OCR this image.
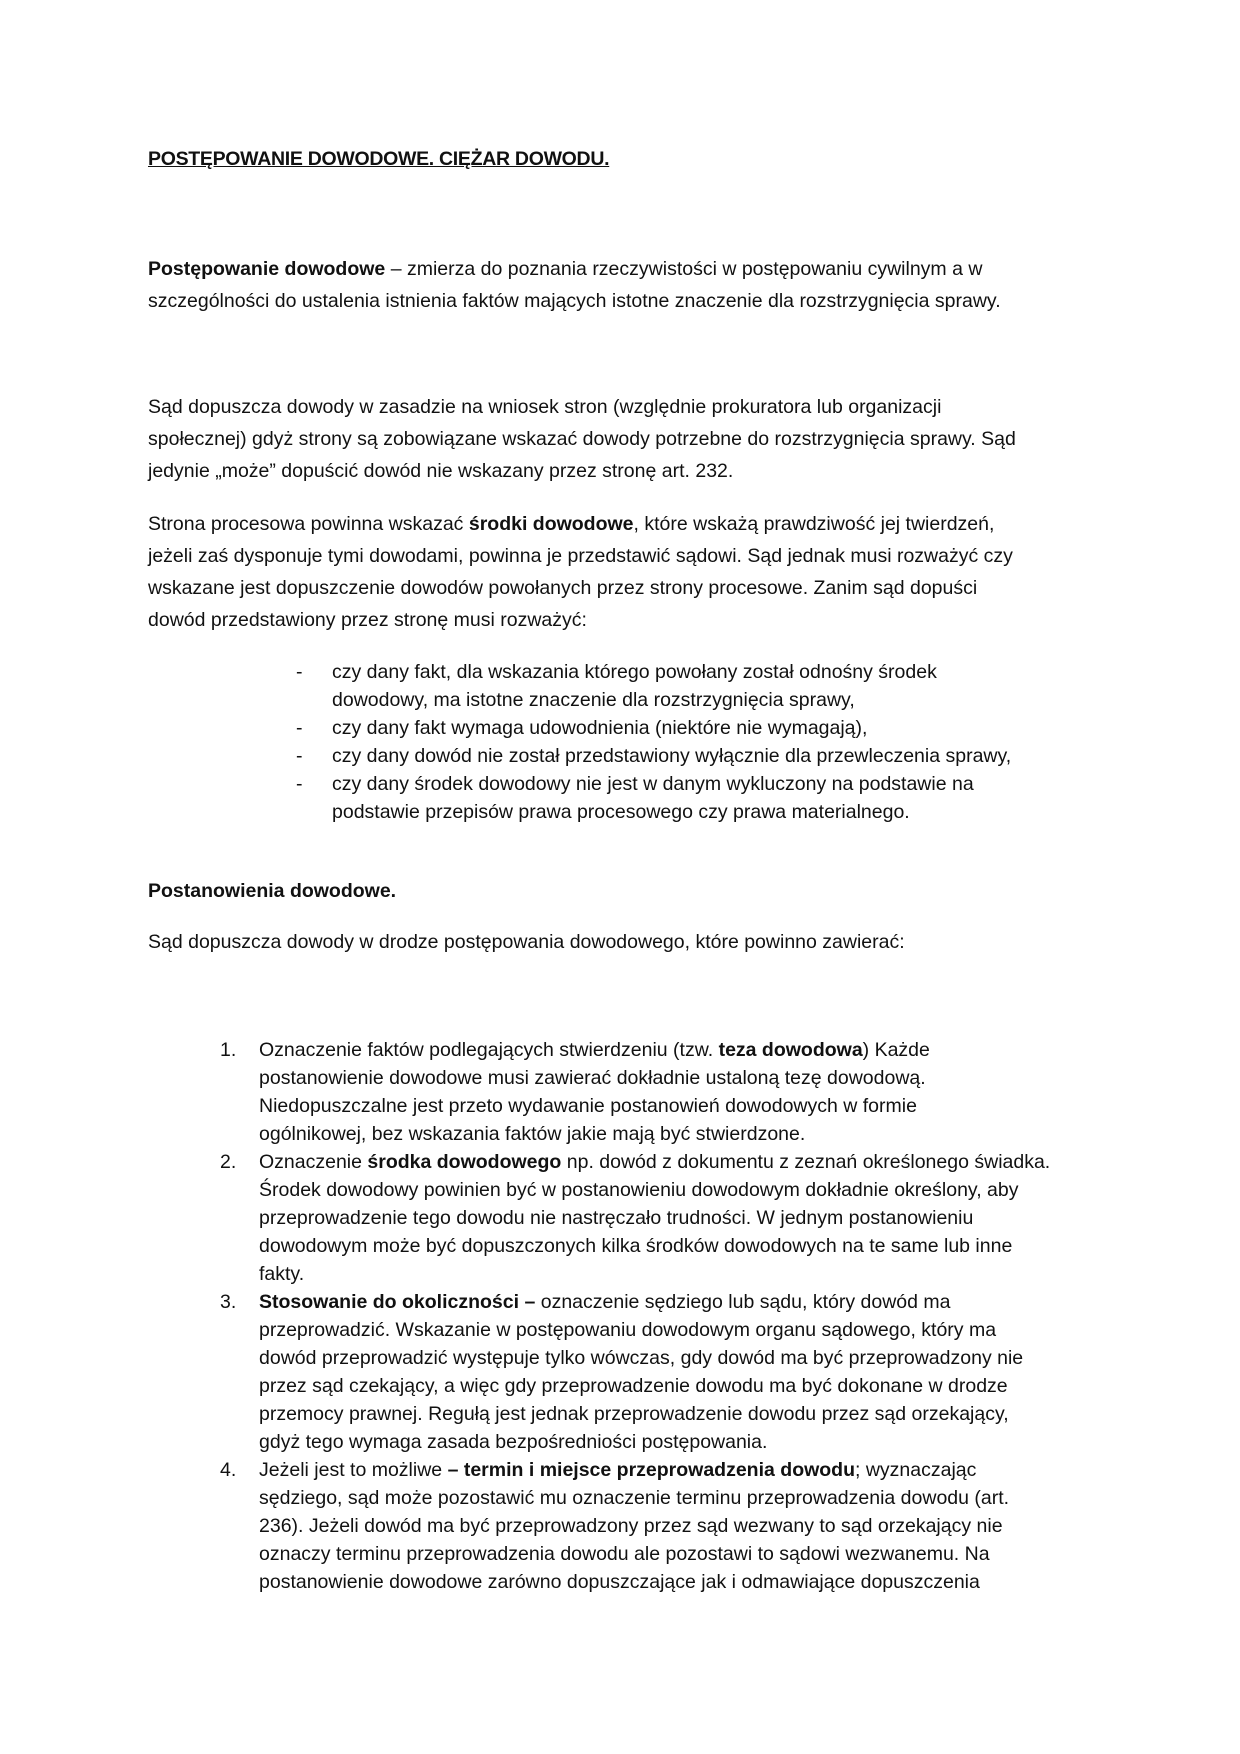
POSTĘPOWANIE DOWODOWE. CIĘŻAR DOWODU.
Postępowanie dowodowe – zmierza do poznania rzeczywistości w postępowaniu cywilnym a w
szczególności do ustalenia istnienia faktów mających istotne znaczenie dla rozstrzygnięcia sprawy.
Sąd dopuszcza dowody w zasadzie na wniosek stron (względnie prokuratora lub organizacji
społecznej) gdyż strony są zobowiązane wskazać dowody potrzebne do rozstrzygnięcia sprawy. Sąd
jedynie „może” dopuścić dowód nie wskazany przez stronę art. 232.
Strona procesowa powinna wskazać środki dowodowe, które wskażą prawdziwość jej twierdzeń,
jeżeli zaś dysponuje tymi dowodami, powinna je przedstawić sądowi. Sąd jednak musi rozważyć czy
wskazane jest dopuszczenie dowodów powołanych przez strony procesowe. Zanim sąd dopuści
dowód przedstawiony przez stronę musi rozważyć:
- czy dany fakt, dla wskazania którego powołany został odnośny środek
dowodowy, ma istotne znaczenie dla rozstrzygnięcia sprawy,
- czy dany fakt wymaga udowodnienia (niektóre nie wymagają),
- czy dany dowód nie został przedstawiony wyłącznie dla przewleczenia sprawy,
- czy dany środek dowodowy nie jest w danym wykluczony na podstawie na
podstawie przepisów prawa procesowego czy prawa materialnego.
Postanowienia dowodowe.
Sąd dopuszcza dowody w drodze postępowania dowodowego, które powinno zawierać:
1. Oznaczenie faktów podlegających stwierdzeniu (tzw. teza dowodowa) Każde
postanowienie dowodowe musi zawierać dokładnie ustaloną tezę dowodową.
Niedopuszczalne jest przeto wydawanie postanowień dowodowych w formie
ogólnikowej, bez wskazania faktów jakie mają być stwierdzone.
2. Oznaczenie środka dowodowego np. dowód z dokumentu z zeznań określonego świadka.
Środek dowodowy powinien być w postanowieniu dowodowym dokładnie określony, aby
przeprowadzenie tego dowodu nie nastręczało trudności. W jednym postanowieniu
dowodowym może być dopuszczonych kilka środków dowodowych na te same lub inne
fakty.
3. Stosowanie do okoliczności – oznaczenie sędziego lub sądu, który dowód ma
przeprowadzić. Wskazanie w postępowaniu dowodowym organu sądowego, który ma
dowód przeprowadzić występuje tylko wówczas, gdy dowód ma być przeprowadzony nie
przez sąd czekający, a więc gdy przeprowadzenie dowodu ma być dokonane w drodze
przemocy prawnej. Regułą jest jednak przeprowadzenie dowodu przez sąd orzekający,
gdyż tego wymaga zasada bezpośredniości postępowania.
4. Jeżeli jest to możliwe – termin i miejsce przeprowadzenia dowodu; wyznaczając
sędziego, sąd może pozostawić mu oznaczenie terminu przeprowadzenia dowodu (art.
236). Jeżeli dowód ma być przeprowadzony przez sąd wezwany to sąd orzekający nie
oznaczy terminu przeprowadzenia dowodu ale pozostawi to sądowi wezwanemu. Na
postanowienie dowodowe zarówno dopuszczające jak i odmawiające dopuszczenia
